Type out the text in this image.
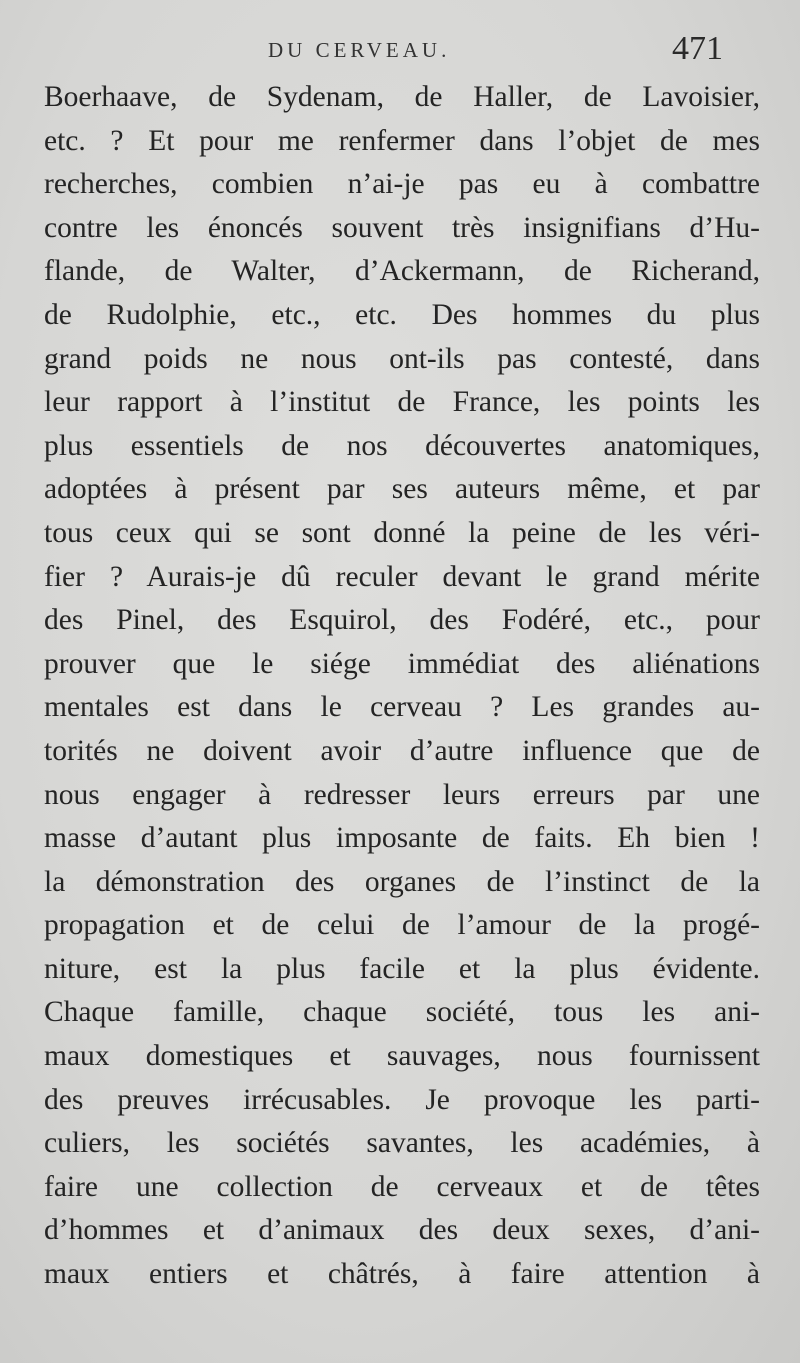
DU CERVEAU.	471
Boerhaave, de Sydenam, de Haller, de Lavoisier,
etc. ? Et pour me renfermer dans l’objet de mes
recherches, combien n’ai-je pas eu à combattre
contre les énoncés souvent très insignifians d’Hu-
flande, de Walter, d’Ackermann, de Richerand,
de Rudolphie, etc., etc. Des hommes du plus
grand poids ne nous ont-ils pas contesté, dans
leur rapport à l’institut de France, les points les
plus essentiels de nos découvertes anatomiques,
adoptées à présent par ses auteurs même, et par
tous ceux qui se sont donné la peine de les véri-
fier ? Aurais-je dû reculer devant le grand mérite
des Pinel, des Esquirol, des Fodéré, etc., pour
prouver que le siége immédiat des aliénations
mentales est dans le cerveau ? Les grandes au-
torités ne doivent avoir d’autre influence que de
nous engager à redresser leurs erreurs par une
masse d’autant plus imposante de faits. Eh bien !
la démonstration des organes de l’instinct de la
propagation et de celui de l’amour de la progé-
niture, est la plus facile et la plus évidente.
Chaque famille, chaque société, tous les ani-
maux domestiques et sauvages, nous fournissent
des preuves irrécusables. Je provoque les parti-
culiers, les sociétés savantes, les académies, à
faire une collection de cerveaux et de têtes
d’hommes et d’animaux des deux sexes, d’ani-
maux entiers et châtrés, à faire attention à
